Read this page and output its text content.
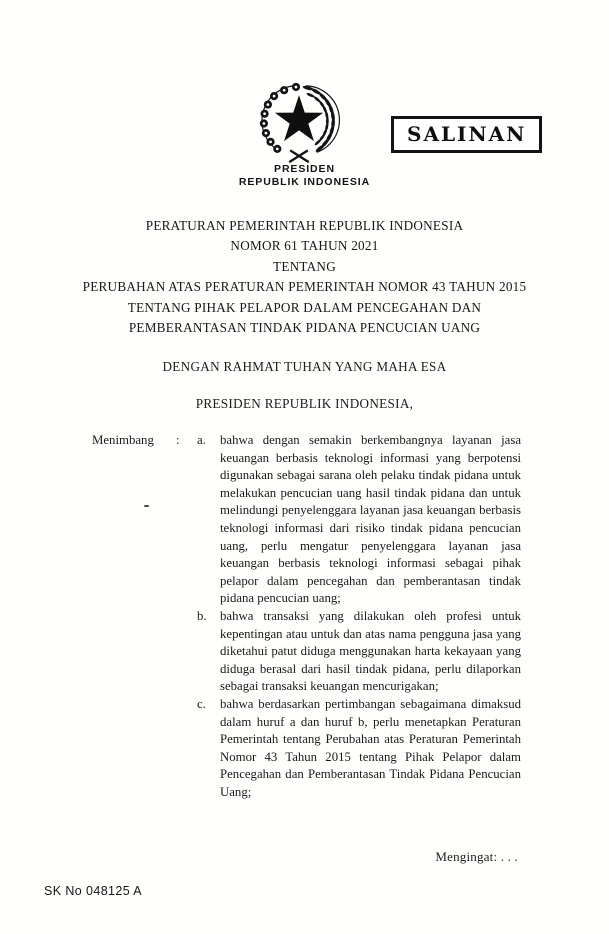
SALINAN
PRESIDEN
REPUBLIK INDONESIA
PERATURAN PEMERINTAH REPUBLIK INDONESIA
NOMOR 61 TAHUN 2021
TENTANG
PERUBAHAN ATAS PERATURAN PEMERINTAH NOMOR 43 TAHUN 2015
TENTANG PIHAK PELAPOR DALAM PENCEGAHAN DAN
PEMBERANTASAN TINDAK PIDANA PENCUCIAN UANG
DENGAN RAHMAT TUHAN YANG MAHA ESA
PRESIDEN REPUBLIK INDONESIA,
Menimbang	:	a.	bahwa dengan semakin berkembangnya layanan jasa keuangan berbasis teknologi informasi yang berpotensi digunakan sebagai sarana oleh pelaku tindak pidana untuk melakukan pencucian uang hasil tindak pidana dan untuk melindungi penyelenggara layanan jasa keuangan berbasis teknologi informasi dari risiko tindak pidana pencucian uang, perlu mengatur penyelenggara layanan jasa keuangan berbasis teknologi informasi sebagai pihak pelapor dalam pencegahan dan pemberantasan tindak pidana pencucian uang;
b.	bahwa transaksi yang dilakukan oleh profesi untuk kepentingan atau untuk dan atas nama pengguna jasa yang diketahui patut diduga menggunakan harta kekayaan yang diduga berasal dari hasil tindak pidana, perlu dilaporkan sebagai transaksi keuangan mencurigakan;
c.	bahwa berdasarkan pertimbangan sebagaimana dimaksud dalam huruf a dan huruf b, perlu menetapkan Peraturan Pemerintah tentang Perubahan atas Peraturan Pemerintah Nomor 43 Tahun 2015 tentang Pihak Pelapor dalam Pencegahan dan Pemberantasan Tindak Pidana Pencucian Uang;
Mengingat: . . .
SK No 048125 A
